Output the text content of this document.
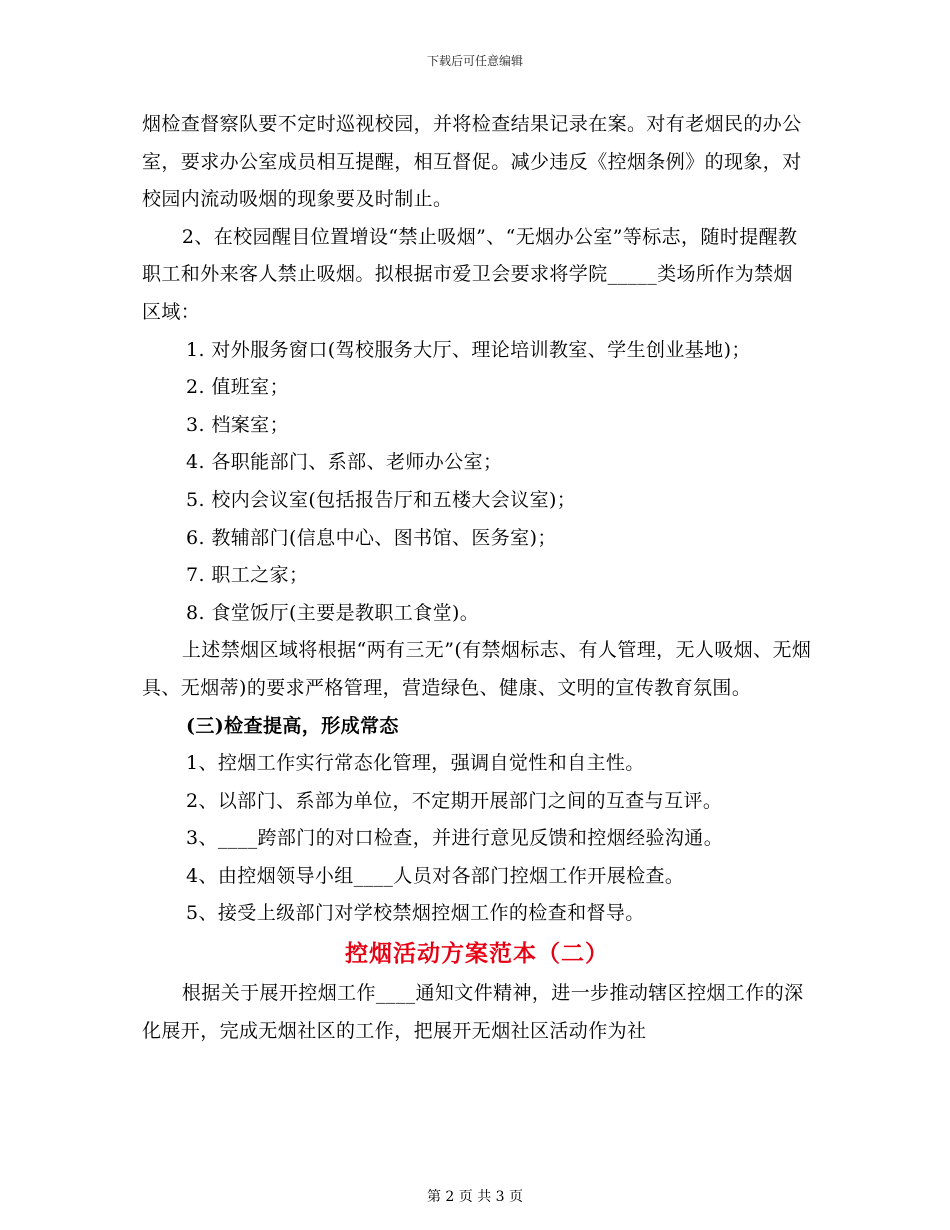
下载后可任意编辑

烟检查督察队要不定时巡视校园，并将检查结果记录在案。对有老烟民的办公室，要求办公室成员相互提醒，相互督促。减少违反《控烟条例》的现象，对校园内流动吸烟的现象要及时制止。

2、在校园醒目位置增设“禁止吸烟”、“无烟办公室”等标志，随时提醒教职工和外来客人禁止吸烟。拟根据市爱卫会要求将学院_____类场所作为禁烟区域：

1. 对外服务窗口(驾校服务大厅、理论培训教室、学生创业基地)；

2. 值班室；

3. 档案室；

4. 各职能部门、系部、老师办公室；

5. 校内会议室(包括报告厅和五楼大会议室)；

6. 教辅部门(信息中心、图书馆、医务室)；

7. 职工之家；

8. 食堂饭厅(主要是教职工食堂)。

上述禁烟区域将根据“两有三无”(有禁烟标志、有人管理，无人吸烟、无烟具、无烟蒂)的要求严格管理，营造绿色、健康、文明的宣传教育氛围。

(三)检查提高，形成常态

1、控烟工作实行常态化管理，强调自觉性和自主性。

2、以部门、系部为单位，不定期开展部门之间的互查与互评。

3、____跨部门的对口检查，并进行意见反馈和控烟经验沟通。

4、由控烟领导小组____人员对各部门控烟工作开展检查。

5、接受上级部门对学校禁烟控烟工作的检查和督导。

控烟活动方案范本（二）

根据关于展开控烟工作____通知文件精神，进一步推动辖区控烟工作的深化展开，完成无烟社区的工作，把展开无烟社区活动作为社

第 2 页 共 3 页
